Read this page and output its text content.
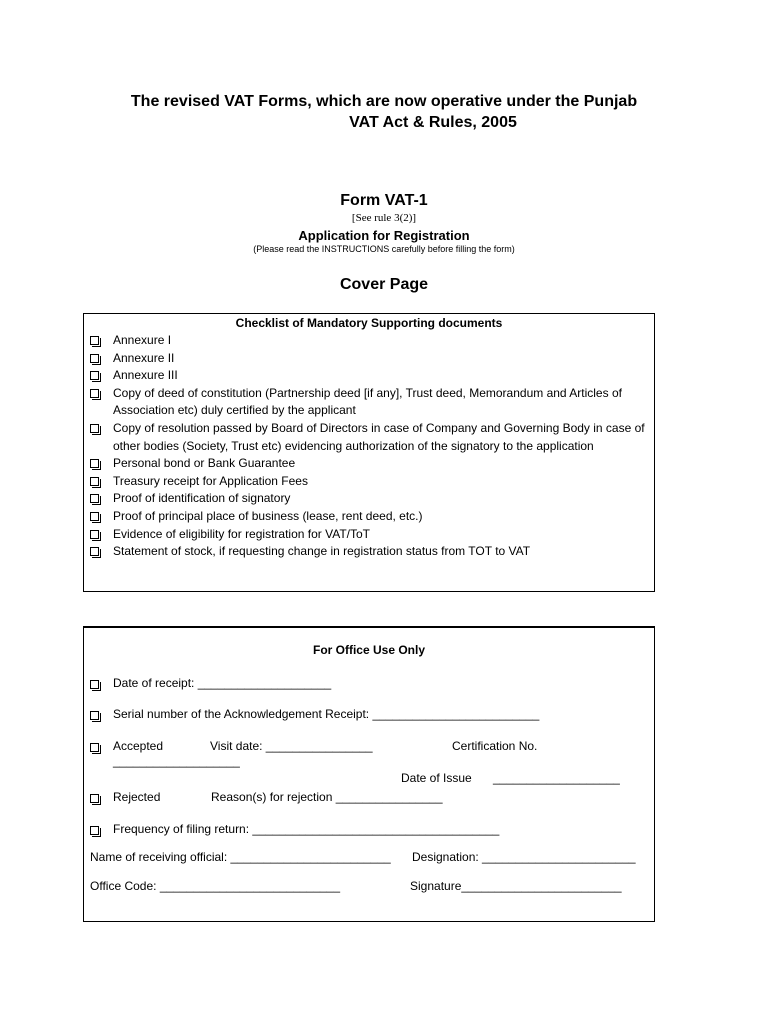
The revised VAT Forms, which are now operative under the Punjab
VAT Act & Rules, 2005
Form VAT-1
[See rule 3(2)]
Application for Registration
(Please read the INSTRUCTIONS carefully before filling the form)
Cover Page
Checklist of Mandatory Supporting documents
Annexure I
Annexure II
Annexure III
Copy of deed of constitution (Partnership deed [if any], Trust deed, Memorandum and Articles of Association etc) duly certified by the applicant
Copy of resolution passed by Board of Directors in case of Company and Governing Body in case of other bodies (Society, Trust etc) evidencing authorization of the signatory to the application
Personal bond or Bank Guarantee
Treasury receipt for Application Fees
Proof of identification of signatory
Proof of principal place of business (lease, rent deed, etc.)
Evidence of eligibility for registration for VAT/ToT
Statement of stock, if requesting change in registration status from TOT to VAT
For Office Use Only
Date of receipt: ____________________
Serial number of the Acknowledgement Receipt: _________________________
Accepted	Visit date: ________________	Certification No.
___________________
Date of Issue ___________________
Rejected	Reason(s) for rejection ________________
Frequency of filing return: _____________________________________
Name of receiving official: ________________________ Designation: _______________________
Office Code: ___________________________	Signature________________________
